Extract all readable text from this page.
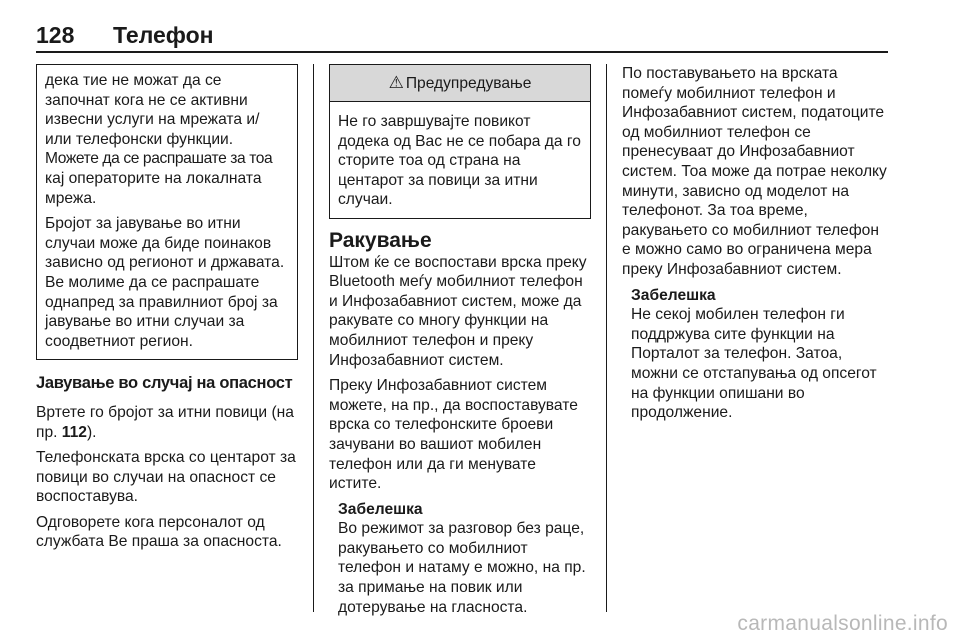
128 Телефон

дека тие не можат да се
започнат кога не се активни
извесни услуги на мрежата и/
или телефонски функции.
Можете да се распрашате за тоа
кај операторите на локалната
мрежа.

Бројот за јавување во итни случаи може да биде поинаков зависно од регионот и државата. Ве молиме да се распрашате однапред за правилниот број за јавување во итни случаи за соодветниот регион.

Јавување во случај на опасност

Вртете го бројот за итни повици (на пр. 112).

Телефонската врска со центарот за повици во случаи на опасност се воспоставува.

Одговорете кога персоналот од службата Ве праша за опасноста.

⚠ Предупредување
Не го завршувајте повикот додека од Вас не се побара да го сторите тоа од страна на центарот за повици за итни случаи.
Ракување

Штом ќе се воспостави врска преку Bluetooth меѓу мобилниот телефон и Инфозабавниот систем, може да ракувате со многу функции на мобилниот телефон и преку Инфозабавниот систем.

Преку Инфозабавниот систем можете, на пр., да воспоставувате врска со телефонските броеви зачувани во вашиот мобилен телефон или да ги менувате истите.

Забелешка
Во режимот за разговор без раце, ракувањето со мобилниот телефон и натаму е можно, на пр. за примање на повик или дотерување на гласноста.

По поставувањето на врската помеѓу мобилниот телефон и Инфозабавниот систем, податоците од мобилниот телефон се пренесуваат до Инфозабавниот систем. Тоа може да потрае неколку минути, зависно од моделот на телефонот. За тоа време, ракувањето со мобилниот телефон е можно само во ограничена мера преку Инфозабавниот систем.

Забелешка
Не секој мобилен телефон ги поддржува сите функции на Порталот за телефон. Затоа, можни се отстапувања од опсегот на функции опишани во продолжение.
carmanualsonline.info
